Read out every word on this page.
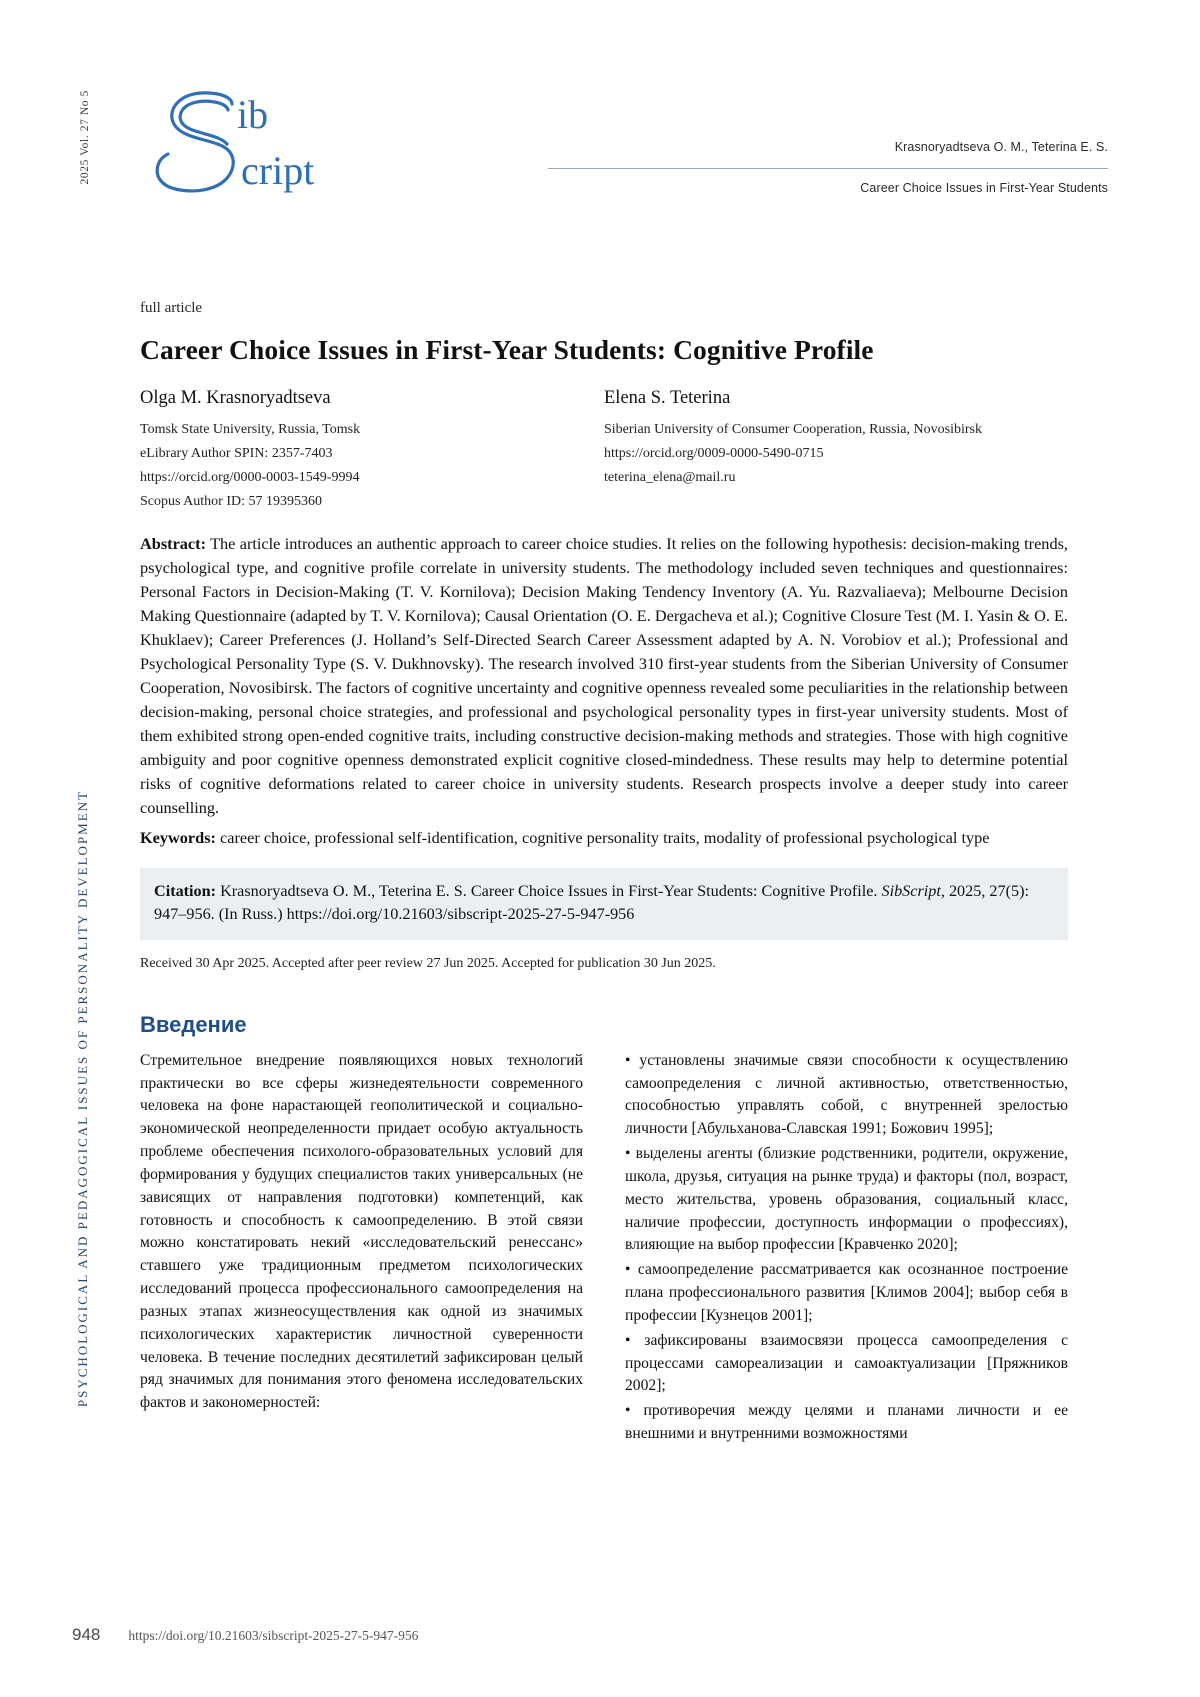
2025 Vol. 27 No 5
PSYCHOLOGICAL AND PEDAGOGICAL ISSUES OF PERSONALITY DEVELOPMENT
ib
cript
Krasnoryadtseva O. M., Teterina E. S.
Career Choice Issues in First-Year Students
full article
Career Choice Issues in First-Year Students: Cognitive Profile
Olga M. Krasnoryadtseva
Tomsk State University, Russia, Tomsk
eLibrary Author SPIN: 2357-7403
https://orcid.org/0000-0003-1549-9994
Scopus Author ID: 57 19395360
Elena S. Teterina
Siberian University of Consumer Cooperation, Russia, Novosibirsk
https://orcid.org/0009-0000-5490-0715
teterina_elena@mail.ru
Abstract: The article introduces an authentic approach to career choice studies. It relies on the following hypothesis: decision-making trends, psychological type, and cognitive profile correlate in university students. The methodology included seven techniques and questionnaires: Personal Factors in Decision-Making (T. V. Kornilova); Decision Making Tendency Inventory (A. Yu. Razvaliaeva); Melbourne Decision Making Questionnaire (adapted by T. V. Kornilova); Causal Orientation (O. E. Dergacheva et al.); Cognitive Closure Test (M. I. Yasin & O. E. Khuklaev); Career Preferences (J. Holland’s Self-Directed Search Career Assessment adapted by A. N. Vorobiov et al.); Professional and Psychological Personality Type (S. V. Dukhnovsky). The research involved 310 first-year students from the Siberian University of Consumer Cooperation, Novosibirsk. The factors of cognitive uncertainty and cognitive openness revealed some peculiarities in the relationship between decision-making, personal choice strategies, and professional and psychological personality types in first-year university students. Most of them exhibited strong open-ended cognitive traits, including constructive decision-making methods and strategies. Those with high cognitive ambiguity and poor cognitive openness demonstrated explicit cognitive closed-mindedness. These results may help to determine potential risks of cognitive deformations related to career choice in university students. Research prospects involve a deeper study into career counselling.
Keywords: career choice, professional self-identification, cognitive personality traits, modality of professional psychological type
Citation: Krasnoryadtseva O. M., Teterina E. S. Career Choice Issues in First-Year Students: Cognitive Profile. SibScript, 2025, 27(5): 947–956. (In Russ.) https://doi.org/10.21603/sibscript-2025-27-5-947-956
Received 30 Apr 2025. Accepted after peer review 27 Jun 2025. Accepted for publication 30 Jun 2025.
Введение

Стремительное внедрение появляющихся новых технологий практически во все сферы жизнедеятельности современного человека на фоне нарастающей геополитической и социально-экономической неопределенности придает особую актуальность проблеме обеспечения психолого-образовательных условий для формирования у будущих специалистов таких универсальных (не зависящих от направления подготовки) компетенций, как готовность и способность к самоопределению. В этой связи можно констатировать некий «исследовательский ренессанс» ставшего уже традиционным предметом психологических исследований процесса профессионального самоопределения на разных этапах жизнеосуществления как одной из значимых психологических характеристик личностной суверенности человека. В течение последних десятилетий зафиксирован целый ряд значимых для понимания этого феномена исследовательских фактов и закономерностей:

• установлены значимые связи способности к осуществлению самоопределения с личной активностью, ответственностью, способностью управлять собой, с внутренней зрелостью личности [Абульханова-Славская 1991; Божович 1995];

• выделены агенты (близкие родственники, родители, окружение, школа, друзья, ситуация на рынке труда) и факторы (пол, возраст, место жительства, уровень образования, социальный класс, наличие профессии, доступность информации о профессиях), влияющие на выбор профессии [Кравченко 2020];

• самоопределение рассматривается как осознанное построение плана профессионального развития [Климов 2004]; выбор себя в профессии [Кузнецов 2001];

• зафиксированы взаимосвязи процесса самоопределения с процессами самореализации и самоактуализации [Пряжников 2002];

• противоречия между целями и планами личности и ее внешними и внутренними возможностями

948 https://doi.org/10.21603/sibscript-2025-27-5-947-956
